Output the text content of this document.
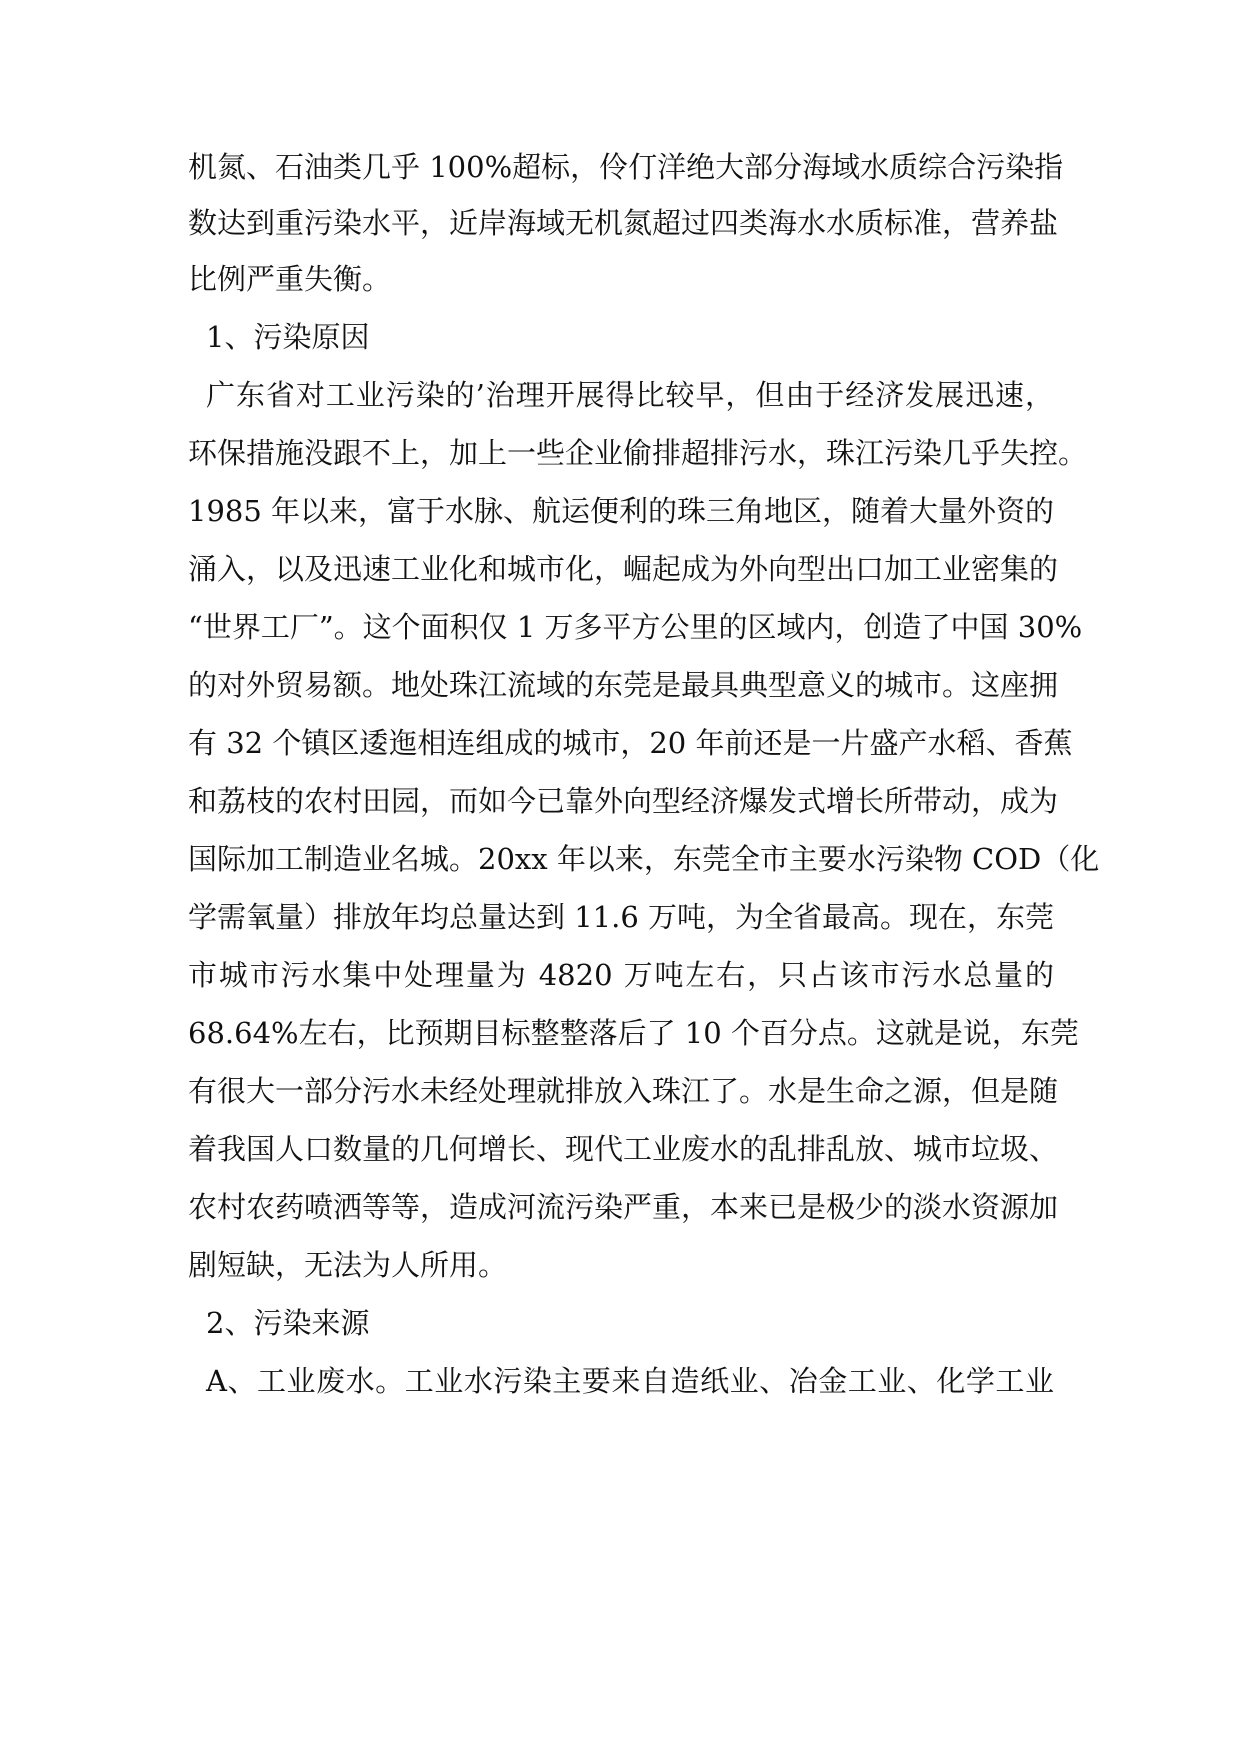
机氮、石油类几乎 100%超标，伶仃洋绝大部分海域水质综合污染指
数达到重污染水平，近岸海域无机氮超过四类海水水质标准，营养盐
比例严重失衡。
1、污染原因
广东省对工业污染的’治理开展得比较早，但由于经济发展迅速，
环保措施没跟不上，加上一些企业偷排超排污水，珠江污染几乎失控。
1985 年以来，富于水脉、航运便利的珠三角地区，随着大量外资的
涌入，以及迅速工业化和城市化，崛起成为外向型出口加工业密集的
“世界工厂”。这个面积仅 1 万多平方公里的区域内，创造了中国 30%
的对外贸易额。地处珠江流域的东莞是最具典型意义的城市。这座拥
有 32 个镇区逶迤相连组成的城市，20 年前还是一片盛产水稻、香蕉
和荔枝的农村田园，而如今已靠外向型经济爆发式增长所带动，成为
国际加工制造业名城。20xx 年以来，东莞全市主要水污染物 COD（化
学需氧量）排放年均总量达到 11.6 万吨，为全省最高。现在，东莞
市城市污水集中处理量为 4820 万吨左右，只占该市污水总量的
68.64%左右，比预期目标整整落后了 10 个百分点。这就是说，东莞
有很大一部分污水未经处理就排放入珠江了。水是生命之源，但是随
着我国人口数量的几何增长、现代工业废水的乱排乱放、城市垃圾、
农村农药喷洒等等，造成河流污染严重，本来已是极少的淡水资源加
剧短缺，无法为人所用。
2、污染来源
A、工业废水。工业水污染主要来自造纸业、冶金工业、化学工业
